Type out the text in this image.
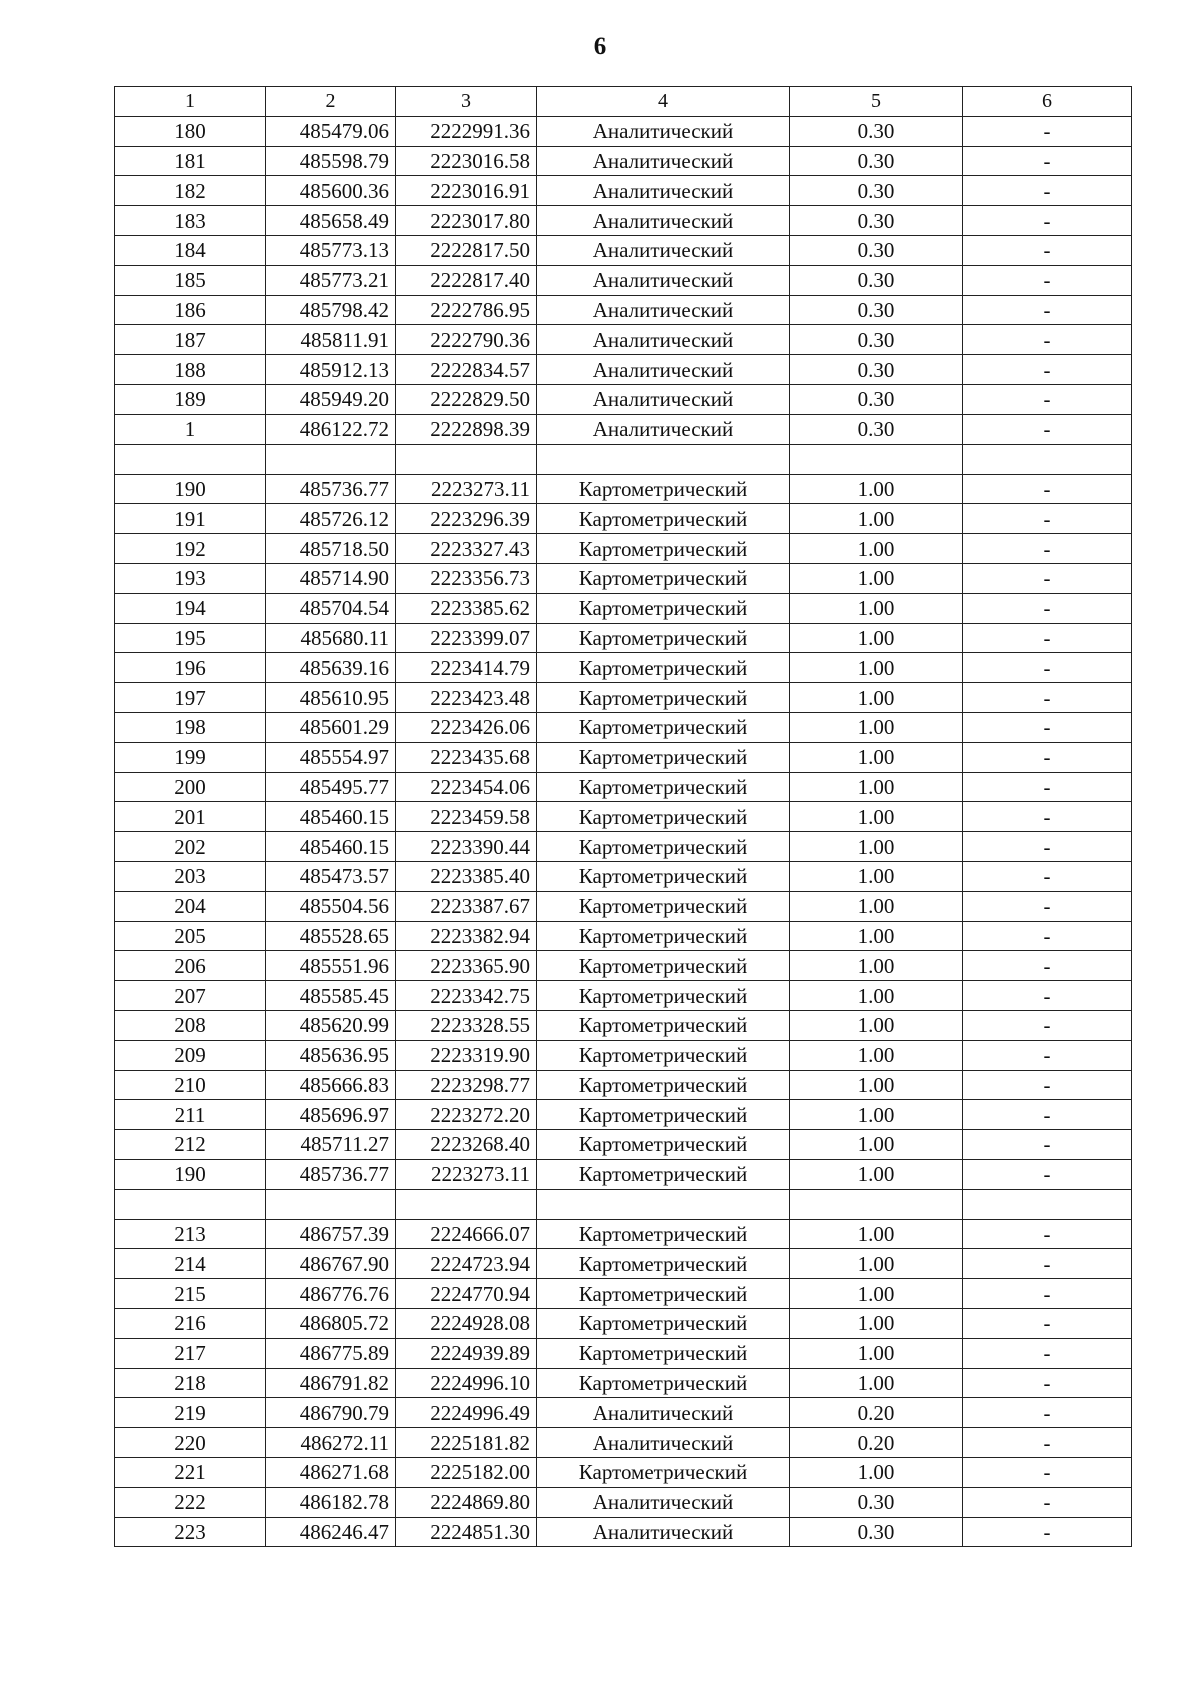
6
1	2	3	4	5	6
180	485479.06	2222991.36	Аналитический	0.30	-
181	485598.79	2223016.58	Аналитический	0.30	-
182	485600.36	2223016.91	Аналитический	0.30	-
183	485658.49	2223017.80	Аналитический	0.30	-
184	485773.13	2222817.50	Аналитический	0.30	-
185	485773.21	2222817.40	Аналитический	0.30	-
186	485798.42	2222786.95	Аналитический	0.30	-
187	485811.91	2222790.36	Аналитический	0.30	-
188	485912.13	2222834.57	Аналитический	0.30	-
189	485949.20	2222829.50	Аналитический	0.30	-
1	486122.72	2222898.39	Аналитический	0.30	-

190	485736.77	2223273.11	Картометрический	1.00	-
191	485726.12	2223296.39	Картометрический	1.00	-
192	485718.50	2223327.43	Картометрический	1.00	-
193	485714.90	2223356.73	Картометрический	1.00	-
194	485704.54	2223385.62	Картометрический	1.00	-
195	485680.11	2223399.07	Картометрический	1.00	-
196	485639.16	2223414.79	Картометрический	1.00	-
197	485610.95	2223423.48	Картометрический	1.00	-
198	485601.29	2223426.06	Картометрический	1.00	-
199	485554.97	2223435.68	Картометрический	1.00	-
200	485495.77	2223454.06	Картометрический	1.00	-
201	485460.15	2223459.58	Картометрический	1.00	-
202	485460.15	2223390.44	Картометрический	1.00	-
203	485473.57	2223385.40	Картометрический	1.00	-
204	485504.56	2223387.67	Картометрический	1.00	-
205	485528.65	2223382.94	Картометрический	1.00	-
206	485551.96	2223365.90	Картометрический	1.00	-
207	485585.45	2223342.75	Картометрический	1.00	-
208	485620.99	2223328.55	Картометрический	1.00	-
209	485636.95	2223319.90	Картометрический	1.00	-
210	485666.83	2223298.77	Картометрический	1.00	-
211	485696.97	2223272.20	Картометрический	1.00	-
212	485711.27	2223268.40	Картометрический	1.00	-
190	485736.77	2223273.11	Картометрический	1.00	-

213	486757.39	2224666.07	Картометрический	1.00	-
214	486767.90	2224723.94	Картометрический	1.00	-
215	486776.76	2224770.94	Картометрический	1.00	-
216	486805.72	2224928.08	Картометрический	1.00	-
217	486775.89	2224939.89	Картометрический	1.00	-
218	486791.82	2224996.10	Картометрический	1.00	-
219	486790.79	2224996.49	Аналитический	0.20	-
220	486272.11	2225181.82	Аналитический	0.20	-
221	486271.68	2225182.00	Картометрический	1.00	-
222	486182.78	2224869.80	Аналитический	0.30	-
223	486246.47	2224851.30	Аналитический	0.30	-
